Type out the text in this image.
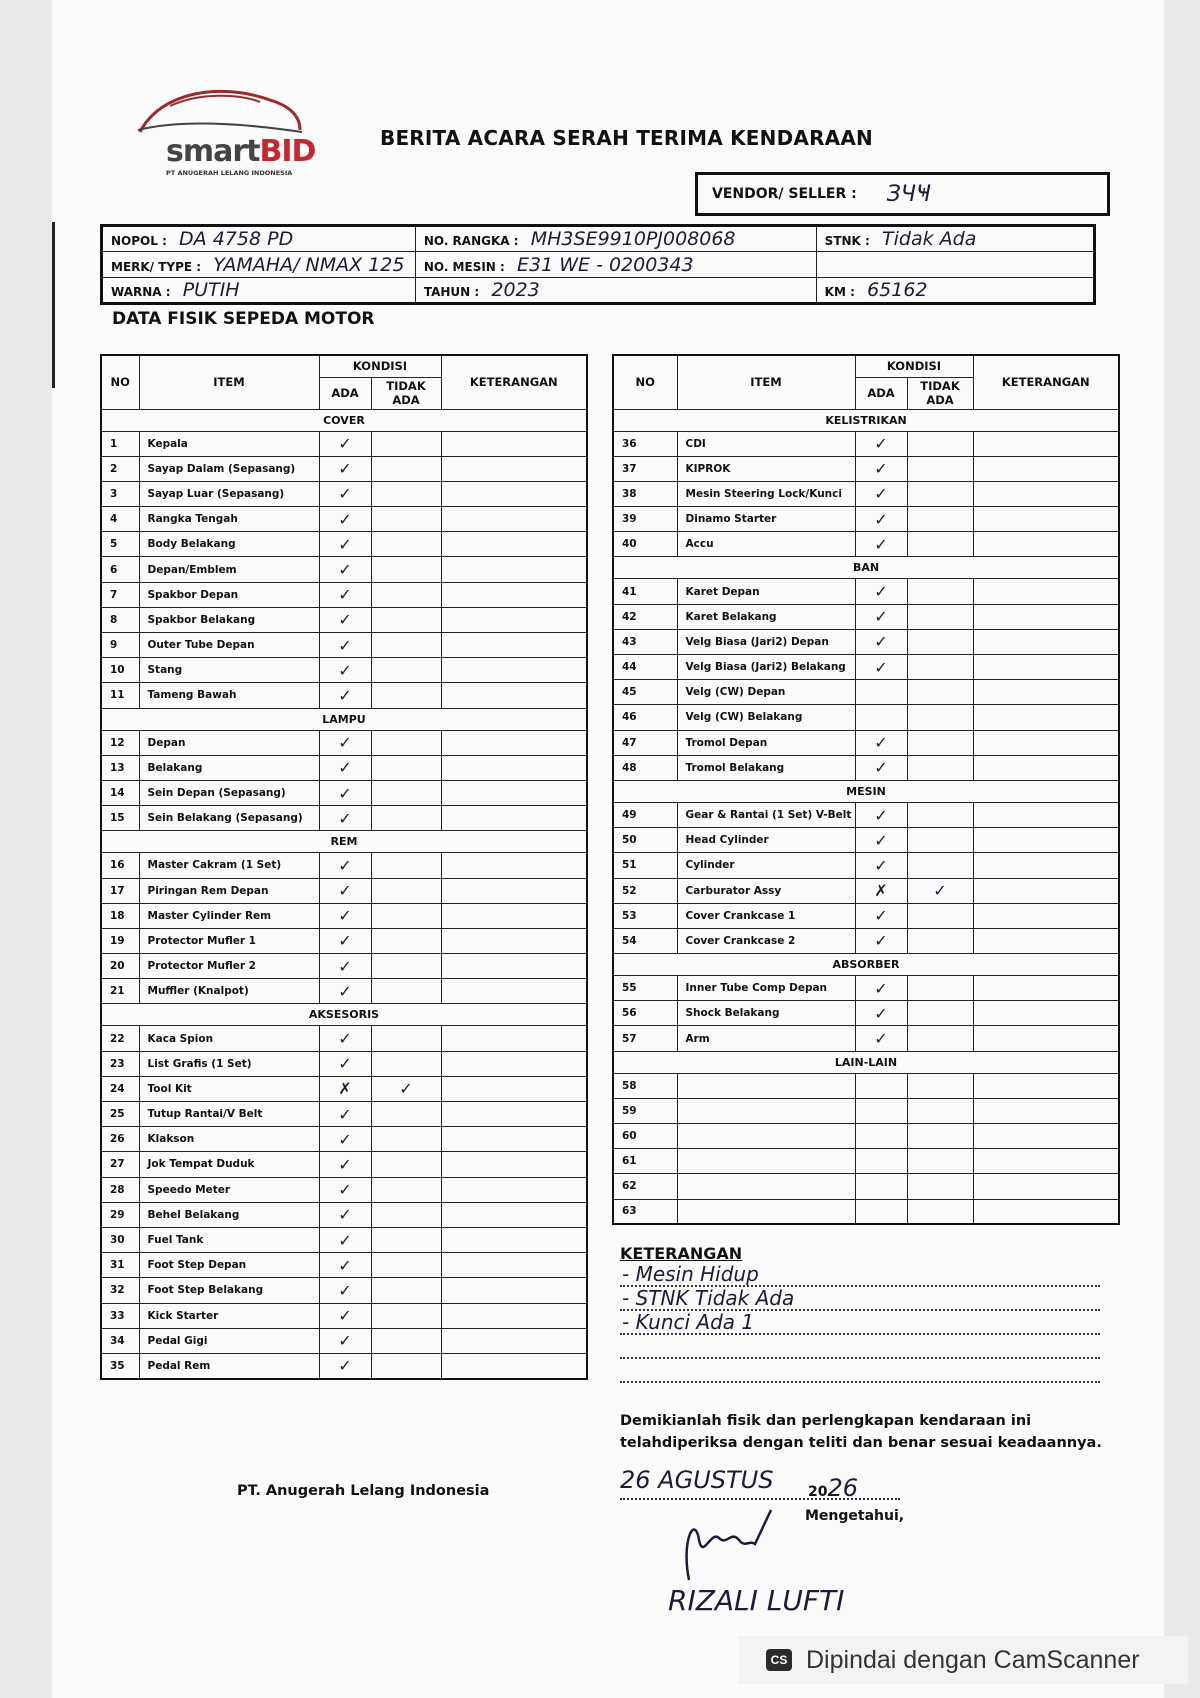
smartBID
PT ANUGERAH LELANG INDONESIA
BERITA ACARA SERAH TERIMA KENDARAAN
VENDOR/ SELLER : ЗЧҸ
NOPOL : DA 4758 PD	NO. RANGKA : MH3SE9910PJ008068	STNK : Tidak Ada
MERK/ TYPE : YAMAHA/ NMAX 125	NO. MESIN : E31 WE - 0200343	
WARNA : PUTIH	TAHUN : 2023	KM : 65162
DATA FISIK SEPEDA MOTOR
NO	ITEM	KONDISI		KETERANGAN
		ADA	TIDAK ADA	
COVER				
1	Kepala	✓		
2	Sayap Dalam (Sepasang)	✓		
3	Sayap Luar (Sepasang)	✓		
4	Rangka Tengah	✓		
5	Body Belakang	✓		
6	Depan/Emblem	✓		
7	Spakbor Depan	✓		
8	Spakbor Belakang	✓		
9	Outer Tube Depan	✓		
10	Stang	✓		
11	Tameng Bawah	✓		
LAMPU				
12	Depan	✓		
13	Belakang	✓		
14	Sein Depan (Sepasang)	✓		
15	Sein Belakang (Sepasang)	✓		
REM				
16	Master Cakram (1 Set)	✓		
17	Piringan Rem Depan	✓		
18	Master Cylinder Rem	✓		
19	Protector Mufler 1	✓		
20	Protector Mufler 2	✓		
21	Muffler (Knalpot)	✓		
AKSESORIS				
22	Kaca Spion	✓		
23	List Grafis (1 Set)	✓		
24	Tool Kit	✗	✓	
25	Tutup Rantai/V Belt	✓		
26	Klakson	✓		
27	Jok Tempat Duduk	✓		
28	Speedo Meter	✓		
29	Behel Belakang	✓		
30	Fuel Tank	✓		
31	Foot Step Depan	✓		
32	Foot Step Belakang	✓		
33	Kick Starter	✓		
34	Pedal Gigi	✓		
35	Pedal Rem	✓		
NO	ITEM	KONDISI		KETERANGAN
		ADA	TIDAK ADA	
KELISTRIKAN				
36	CDI	✓		
37	KIPROK	✓		
38	Mesin Steering Lock/Kunci	✓		
39	Dinamo Starter	✓		
40	Accu	✓		
BAN				
41	Karet Depan	✓		
42	Karet Belakang	✓		
43	Velg Biasa (Jari2) Depan	✓		
44	Velg Biasa (Jari2) Belakang	✓		
45	Velg (CW) Depan			
46	Velg (CW) Belakang			
47	Tromol Depan	✓		
48	Tromol Belakang	✓		
MESIN				
49	Gear & Rantai (1 Set) V-Belt	✓		
50	Head Cylinder	✓		
51	Cylinder	✓		
52	Carburator Assy	✗	✓	
53	Cover Crankcase 1	✓		
54	Cover Crankcase 2	✓		
ABSORBER				
55	Inner Tube Comp Depan	✓		
56	Shock Belakang	✓		
57	Arm	✓		
LAIN-LAIN				
58				
59				
60				
61				
62				
63				
KETERANGAN
- Mesin Hidup
- STNK Tidak Ada
- Kunci Ada 1
Demikianlah fisik dan perlengkapan kendaraan ini
telahdiperiksa dengan teliti dan benar sesuai keadaannya.
26 AGUSTUS	2026
Mengetahui,
PT. Anugerah Lelang Indonesia
RIZALI LUFTI
CS Dipindai dengan CamScanner
